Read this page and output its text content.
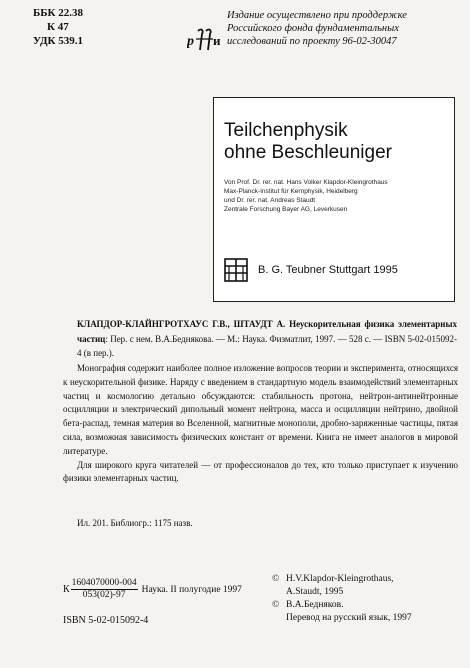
ББК 22.38
К 47
УДК 539.1	р и
Издание осуществлено при проддержке
Российского фонда фундаментальных
исследований по проекту 96-02-30047
Teilchenphysik
ohne Beschleuniger
Von Prof. Dr. rer. nat. Hans Volker Klapdor-Kleingrothaus
Max-Planck-Institut für Kernphysik, Heidelberg
und Dr. rer. nat. Andreas Staudt
Zentrale Forschung Bayer AG, Leverkusen
B. G. Teubner Stuttgart 1995
КЛАПДОР-КЛАЙНГРОТХАУС Г.В., ШТАУДТ А. Неускорительная физика элементарных частиц: Пер. с нем. В.А.Беднякова. — М.: Наука. Физматлит, 1997. — 528 с. — ISBN 5-02-015092-4 (в пер.).

Монография содержит наиболее полное изложение вопросов теории и эксперимента, относящихся к неускорительной физике. Наряду с введением в стандартную модель взаимодействий элементарных частиц и космологию детально обсуждаются: стабильность протона, нейтрон-антинейтронные осцилляции и электрический дипольный момент нейтрона, масса и осцилляции нейтрино, двойной бета-распад, темная материя во Вселенной, магнитные монополи, дробно-заряженные частицы, пятая сила, возможная зависимость физических констант от времени. Книга не имеет аналогов в мировой литературе.

Для широкого круга читателей — от профессионалов до тех, кто только приступает к изучению физики элементарных частиц.

Ил. 201. Библиогр.: 1175 назв.
К $\frac{1604070000-004}{053(02)-97}$ Наука. II полугодие 1997
ISBN 5-02-015092-4
© H.V.Klapdor-Kleingrothaus,
A.Staudt, 1995
© В.А.Бедняков.
Перевод на русский язык, 1997
